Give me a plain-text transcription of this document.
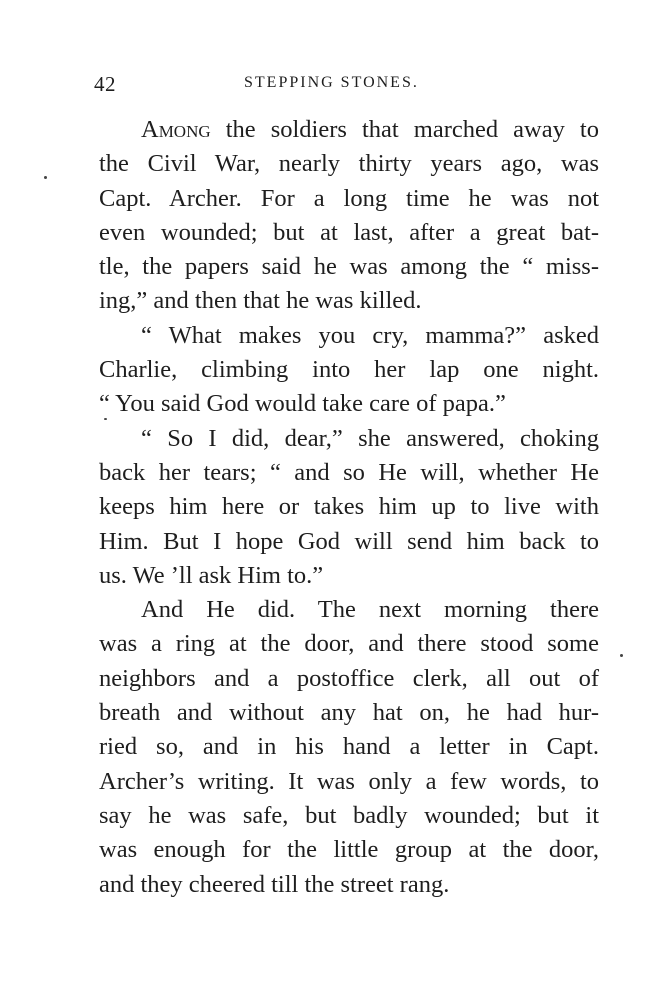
42	STEPPING STONES.
Among the soldiers that marched away to
the Civil War, nearly thirty years ago, was
Capt. Archer. For a long time he was not
even wounded; but at last, after a great bat-
tle, the papers said he was among the “ miss-
ing,” and then that he was killed.
“ What makes you cry, mamma?” asked
Charlie, climbing into her lap one night.
“ You said God would take care of papa.”
“ So I did, dear,” she answered, choking
back her tears; “ and so He will, whether He
keeps him here or takes him up to live with
Him. But I hope God will send him back to
us. We ’ll ask Him to.”
And He did. The next morning there
was a ring at the door, and there stood some
neighbors and a postoffice clerk, all out of
breath and without any hat on, he had hur-
ried so, and in his hand a letter in Capt.
Archer’s writing. It was only a few words, to
say he was safe, but badly wounded; but it
was enough for the little group at the door,
and they cheered till the street rang.
